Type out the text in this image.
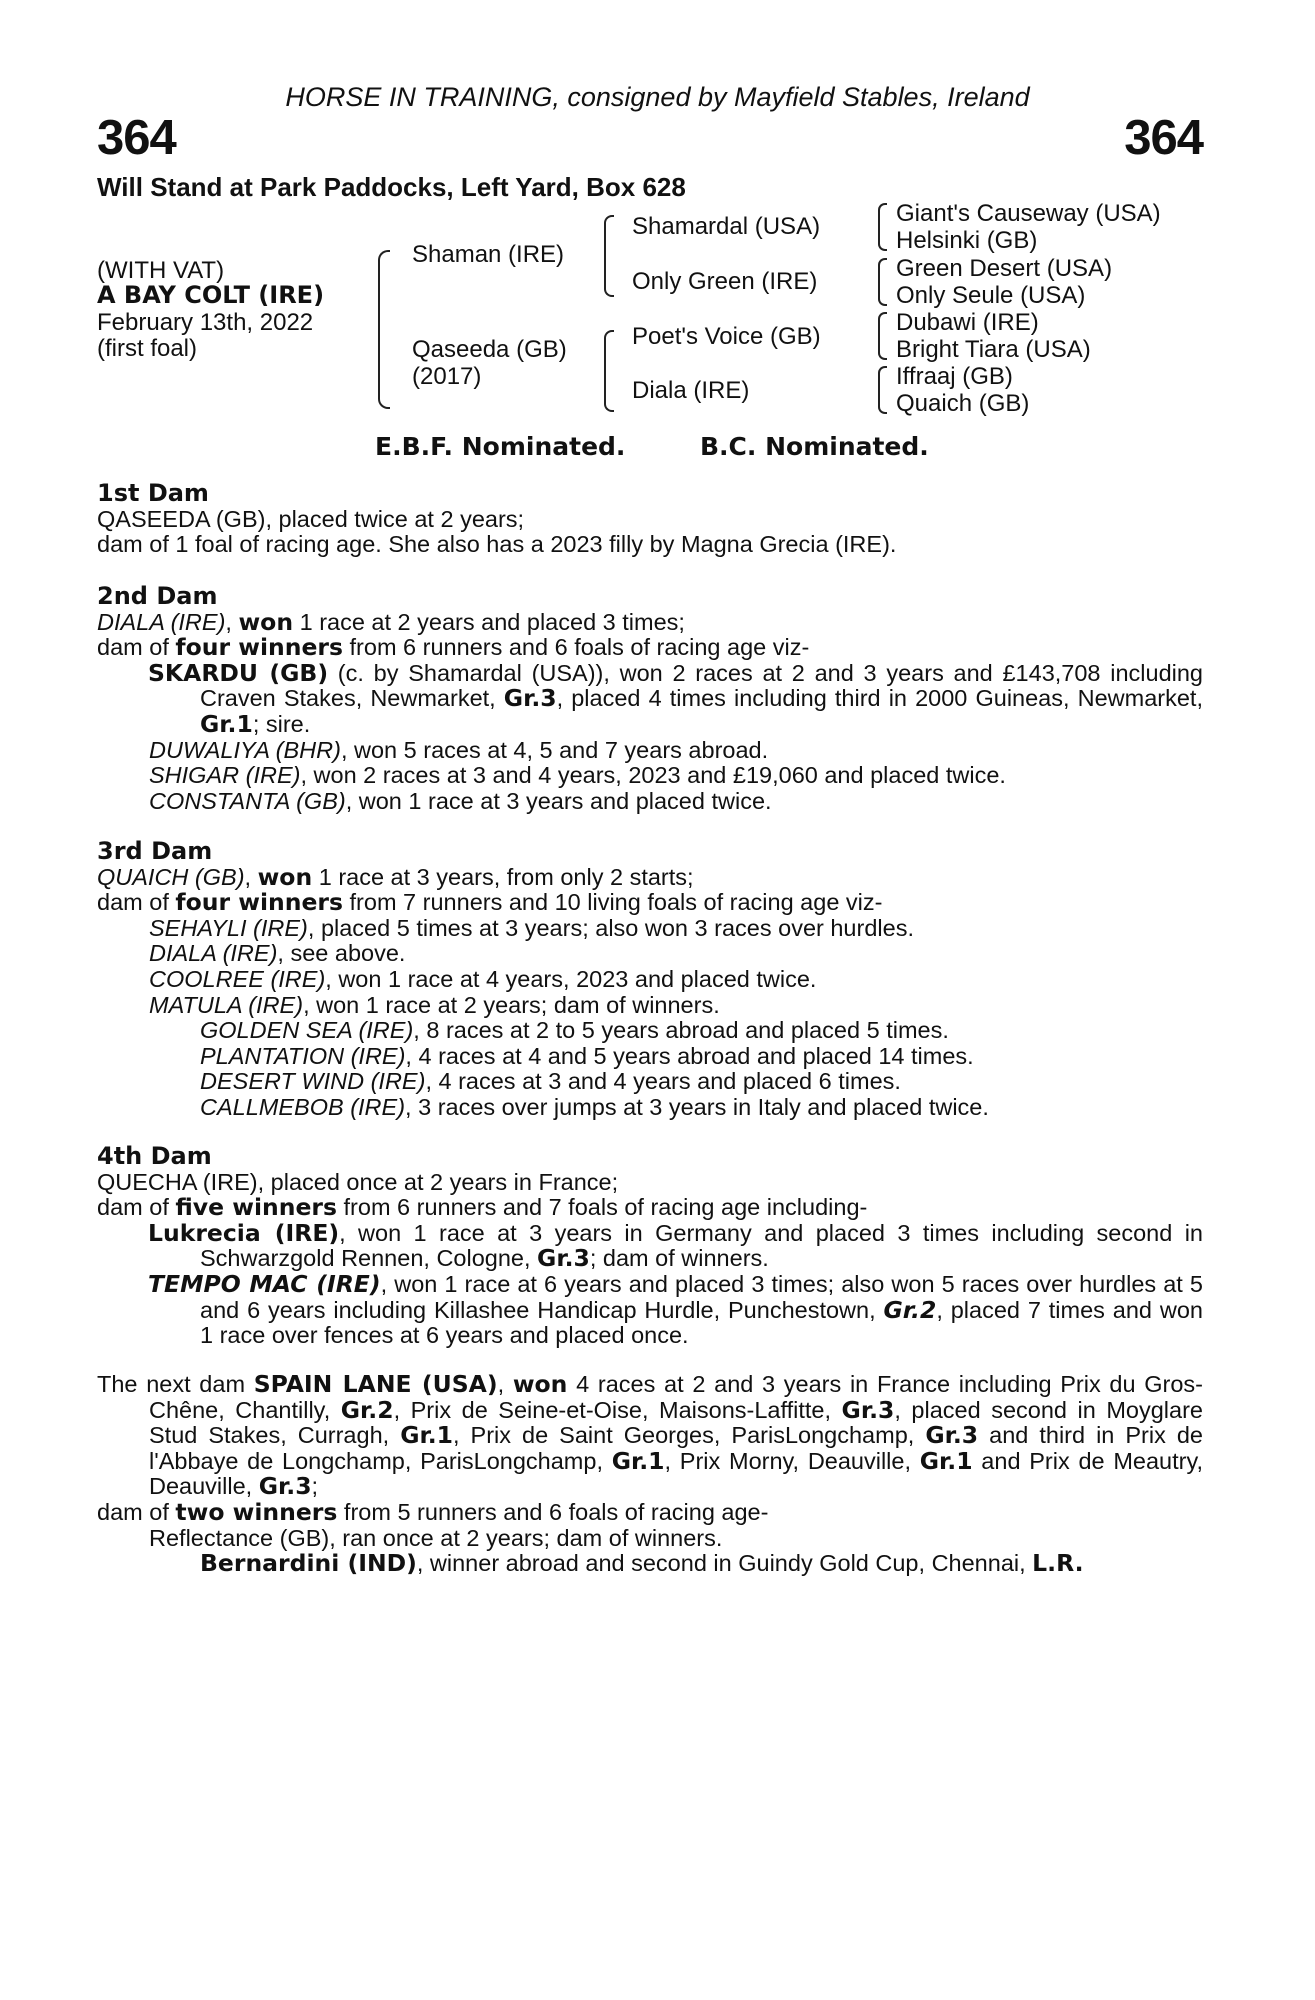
HORSE IN TRAINING, consigned by Mayfield Stables, Ireland
364	364
Will Stand at Park Paddocks, Left Yard, Box 628
(WITH VAT)
A BAY COLT (IRE)
February 13th, 2022
(first foal)
Shaman (IRE)
Qaseeda (GB)
(2017)
Shamardal (USA)
Only Green (IRE)
Poet's Voice (GB)
Diala (IRE)
Giant's Causeway (USA)
Helsinki (GB)
Green Desert (USA)
Only Seule (USA)
Dubawi (IRE)
Bright Tiara (USA)
Iffraaj (GB)
Quaich (GB)
E.B.F. Nominated.	B.C. Nominated.
1st Dam
QASEEDA (GB), placed twice at 2 years;
dam of 1 foal of racing age. She also has a 2023 filly by Magna Grecia (IRE).
2nd Dam
DIALA (IRE), won 1 race at 2 years and placed 3 times;
dam of four winners from 6 runners and 6 foals of racing age viz-
SKARDU (GB) (c. by Shamardal (USA)), won 2 races at 2 and 3 years and £143,708 including Craven Stakes, Newmarket, Gr.3, placed 4 times including third in 2000 Guineas, Newmarket, Gr.1; sire.
DUWALIYA (BHR), won 5 races at 4, 5 and 7 years abroad.
SHIGAR (IRE), won 2 races at 3 and 4 years, 2023 and £19,060 and placed twice.
CONSTANTA (GB), won 1 race at 3 years and placed twice.
3rd Dam
QUAICH (GB), won 1 race at 3 years, from only 2 starts;
dam of four winners from 7 runners and 10 living foals of racing age viz-
SEHAYLI (IRE), placed 5 times at 3 years; also won 3 races over hurdles.
DIALA (IRE), see above.
COOLREE (IRE), won 1 race at 4 years, 2023 and placed twice.
MATULA (IRE), won 1 race at 2 years; dam of winners.
GOLDEN SEA (IRE), 8 races at 2 to 5 years abroad and placed 5 times.
PLANTATION (IRE), 4 races at 4 and 5 years abroad and placed 14 times.
DESERT WIND (IRE), 4 races at 3 and 4 years and placed 6 times.
CALLMEBOB (IRE), 3 races over jumps at 3 years in Italy and placed twice.
4th Dam
QUECHA (IRE), placed once at 2 years in France;
dam of five winners from 6 runners and 7 foals of racing age including-
Lukrecia (IRE), won 1 race at 3 years in Germany and placed 3 times including second in Schwarzgold Rennen, Cologne, Gr.3; dam of winners.
TEMPO MAC (IRE), won 1 race at 6 years and placed 3 times; also won 5 races over hurdles at 5 and 6 years including Killashee Handicap Hurdle, Punchestown, Gr.2, placed 7 times and won 1 race over fences at 6 years and placed once.
The next dam SPAIN LANE (USA), won 4 races at 2 and 3 years in France including Prix du Gros-Chêne, Chantilly, Gr.2, Prix de Seine-et-Oise, Maisons-Laffitte, Gr.3, placed second in Moyglare Stud Stakes, Curragh, Gr.1, Prix de Saint Georges, ParisLongchamp, Gr.3 and third in Prix de l'Abbaye de Longchamp, ParisLongchamp, Gr.1, Prix Morny, Deauville, Gr.1 and Prix de Meautry, Deauville, Gr.3;
dam of two winners from 5 runners and 6 foals of racing age-
Reflectance (GB), ran once at 2 years; dam of winners.
Bernardini (IND), winner abroad and second in Guindy Gold Cup, Chennai, L.R.
